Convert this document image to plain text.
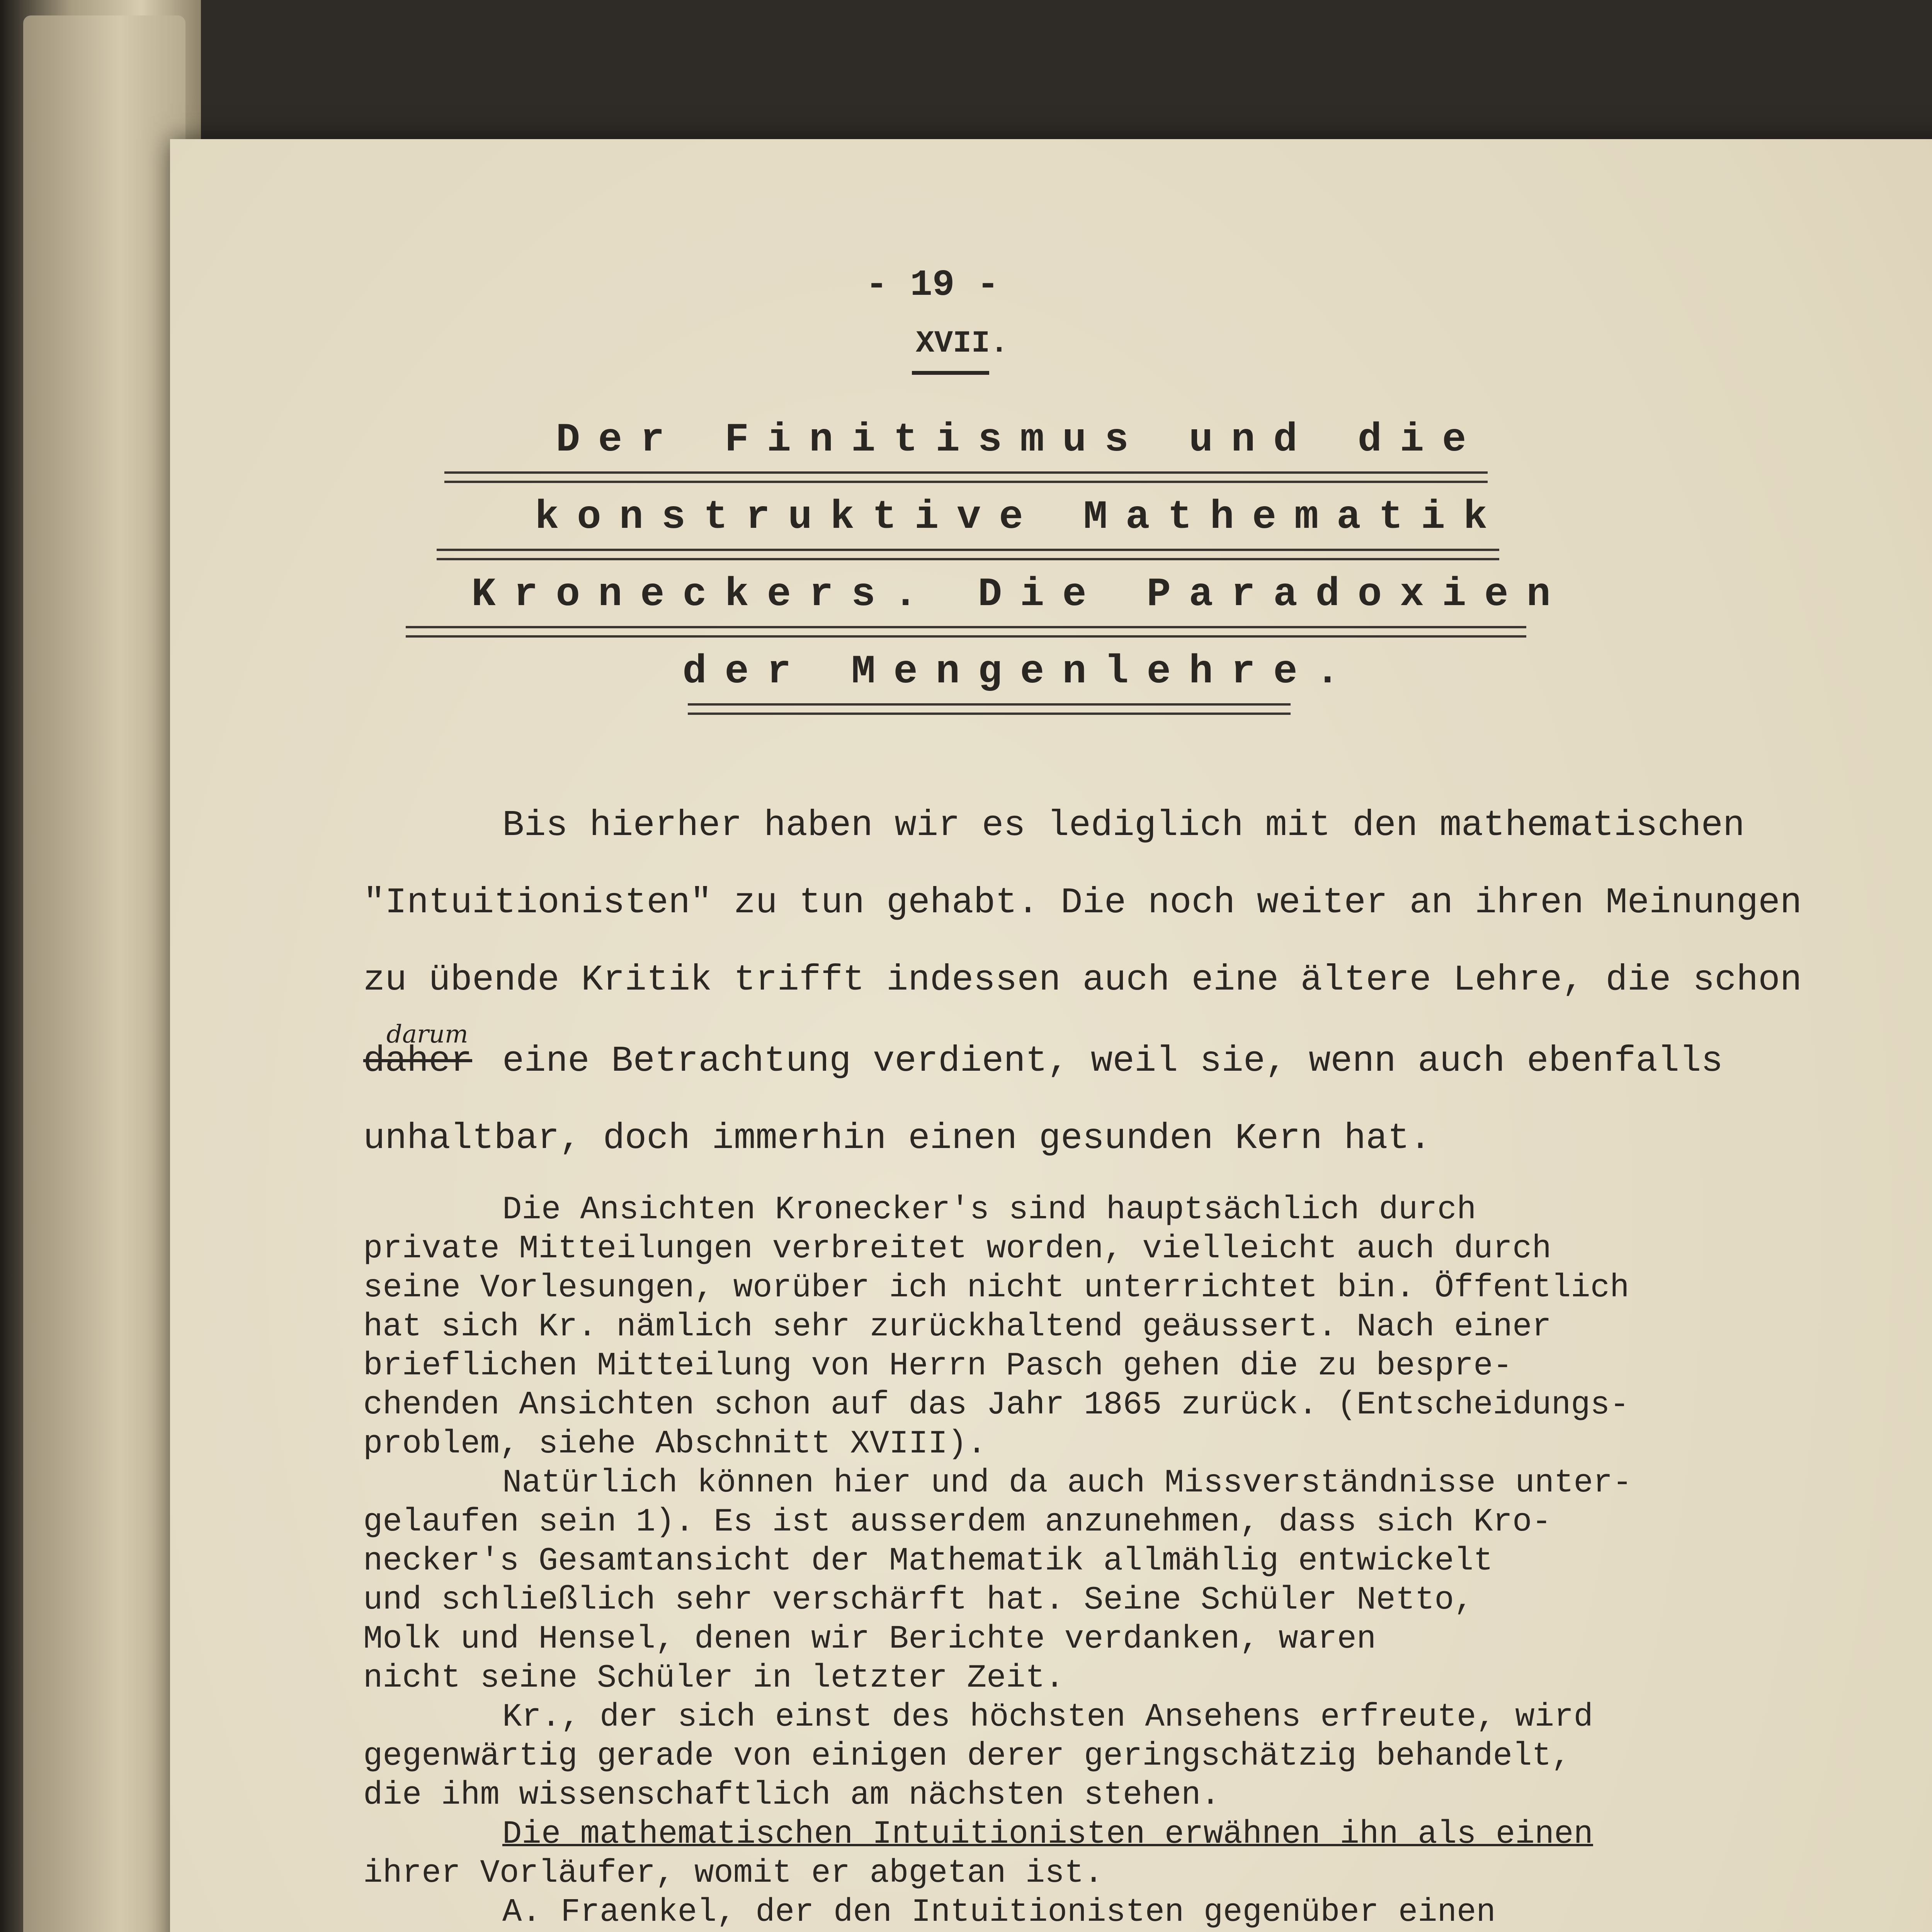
- 19 -
XVII.
Der Finitismus und die
konstruktive Mathematik
Kroneckers. Die Paradoxien
der Mengenlehre.
Bis hierher haben wir es lediglich mit den mathematischen
"Intuitionisten" zu tun gehabt. Die noch weiter an ihren Meinungen
zu übende Kritik trifft indessen auch eine ältere Lehre, die schon
darum
daher eine Betrachtung verdient, weil sie, wenn auch ebenfalls
unhaltbar, doch immerhin einen gesunden Kern hat.
Die Ansichten Kronecker's sind hauptsächlich durch
private Mitteilungen verbreitet worden, vielleicht auch durch
seine Vorlesungen, worüber ich nicht unterrichtet bin. Öffentlich
hat sich Kr. nämlich sehr zurückhaltend geäussert. Nach einer
brieflichen Mitteilung von Herrn Pasch gehen die zu bespre-
chenden Ansichten schon auf das Jahr 1865 zurück. (Entscheidungs-
problem, siehe Abschnitt XVIII).
Natürlich können hier und da auch Missverständnisse unter-
gelaufen sein 1). Es ist ausserdem anzunehmen, dass sich Kro-
necker's Gesamtansicht der Mathematik allmählig entwickelt
und schließlich sehr verschärft hat. Seine Schüler Netto,
Molk und Hensel, denen wir Berichte verdanken, waren
nicht seine Schüler in letzter Zeit.
Kr., der sich einst des höchsten Ansehens erfreute, wird
gegenwärtig gerade von einigen derer geringschätzig behandelt,
die ihm wissenschaftlich am nächsten stehen.
Die mathematischen Intuitionisten erwähnen ihn als einen
ihrer Vorläufer, womit er abgetan ist.
A. Fraenkel, der den Intuitionisten gegenüber einen
